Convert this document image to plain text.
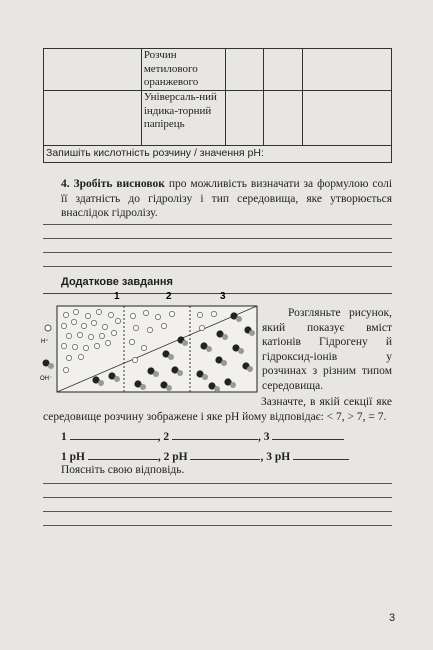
	Розчин метилового оранжевого			

	Універсаль-ний індика-торний папірець			

Запишіть кислотність розчину / значення pH:				
4. Зробіть висновок про можливість визначати за формулою солі її здатність до гідролізу і тип середовища, яке утворюється внаслідок гідролізу.
Додаткове завдання
1	2	3
H⁺
OH⁻
Розгляньте рисунок, який показує вміст катіонів Гідрогену й гідроксид-іонів у розчинах з різним типом середовища.
Зазначте, в якій секції яке середовище розчину зображене і яке pH йому відповідає: < 7, > 7, = 7.
1	, 2	, 3
1 pH	, 2 pH	, 3 pH
Поясніть свою відповідь.
3
